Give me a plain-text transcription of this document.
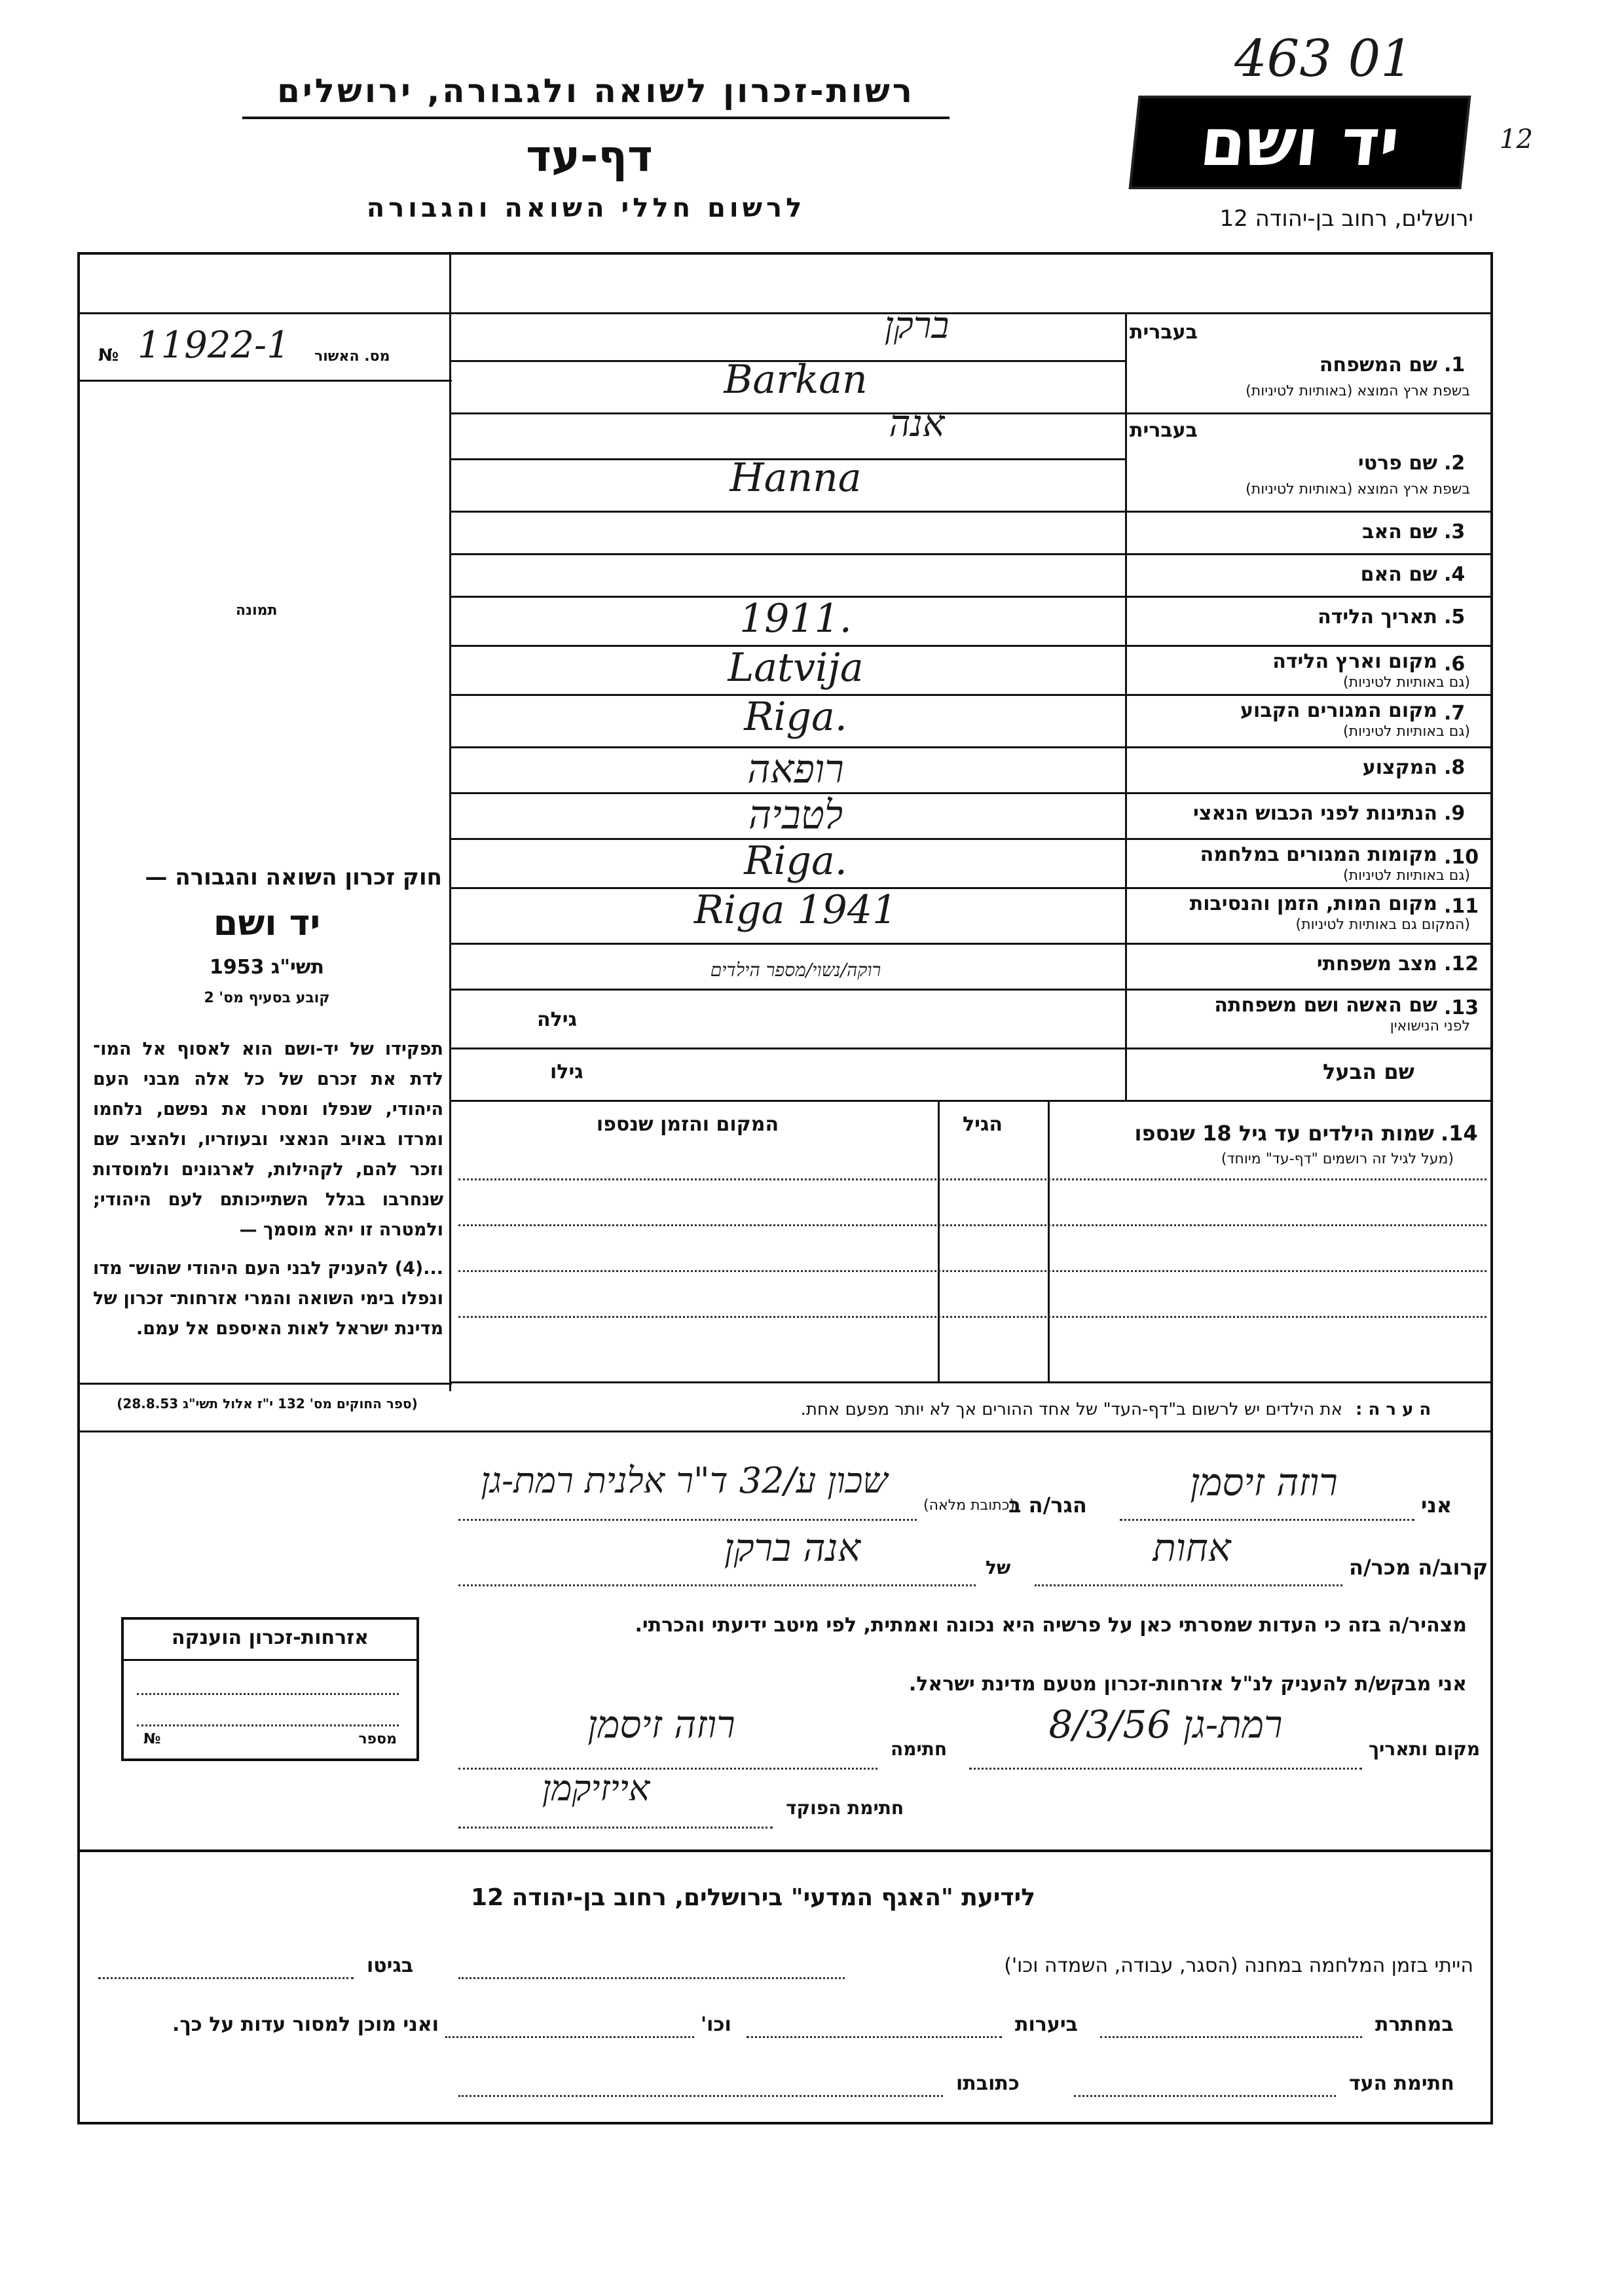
463 01
12
רשות-זכרון לשואה ולגבורה, ירושלים
דף-עד
לרשום חללי השואה והגבורה
יד ושם
ירושלים, רחוב בן-יהודה 12
מס. האשור
№ 11922-1
תמונה
חוק זכרון השואה והגבורה —
יד ושם
תשי"ג 1953
קובע בסעיף מס' 2
תפקידו של יד-ושם הוא לאסוף אל המו־ לדת את זכרם של כל אלה מבני העם היהודי, שנפלו ומסרו את נפשם, נלחמו ומרדו באויב הנאצי ובעוזריו, ולהציב שם וזכר להם, לקהילות, לארגונים ולמוסדות שנחרבו בגלל השתייכותם לעם היהודי; ולמטרה זו יהא מוסמך —
...(4) להעניק לבני העם היהודי שהוש־ מדו ונפלו בימי השואה והמרי אזרחות־ זכרון של מדינת ישראל לאות האיספם אל עמם.
(ספר החוקים מס' 132 י"ז אלול תשי"ג 28.8.53)
1.
שם המשפחה
בעברית
ברקן
בשפת ארץ המוצא (באותיות לטיניות)
Barkan
2.
שם פרטי
בעברית
אנה
בשפת ארץ המוצא (באותיות לטיניות)
Hanna
3.
שם האב
4.
שם האם
5.
תאריך הלידה
1911.
6.
מקום וארץ הלידה
(גם באותיות לטיניות)
Latvija
7.
מקום המגורים הקבוע
(גם באותיות לטיניות)
Riga.
8.
המקצוע
רופאה
9.
הנתינות לפני הכבוש הנאצי
לטביה
10.
מקומות המגורים במלחמה
(גם באותיות לטיניות)
Riga.
11.
מקום המות, הזמן והנסיבות
(המקום גם באותיות לטיניות)
Riga 1941
12.
מצב משפחתי
רוקה/נשוי/מספר הילדים
13.
שם האשה ושם משפחתה
לפני הנישואין
גילה
שם הבעל
גילו
14.
שמות הילדים עד גיל 18 שנספו
(מעל לגיל זה רושמים "דף-עד" מיוחד)
הגיל
המקום והזמן שנספו
ה ע ר ה :
את הילדים יש לרשום ב"דף-העד" של אחד ההורים אך לא יותר מפעם אחת.
אני
רוזה זיסמן
הגר/ה ב
(כתובת מלאה)
שכון ע/32 ד"ר אלנית רמת-גן
קרוב/ה מכר/ה
אחות
של
אנה ברקן
מצהיר/ה בזה כי העדות שמסרתי כאן על פרשיה היא נכונה ואמתית, לפי מיטב ידיעתי והכרתי.
אני מבקש/ת להעניק לנ"ל אזרחות-זכרון מטעם מדינת ישראל.
מקום ותאריך
רמת-גן 8/3/56
חתימה
רוזה זיסמן
חתימת הפוקד
אייזיקמן
אזרחות-זכרון הוענקה
מספר
№
לידיעת "האגף המדעי" בירושלים, רחוב בן-יהודה 12
הייתי בזמן המלחמה במחנה (הסגר, עבודה, השמדה וכו')
בגיטו
במחתרת
ביערות
וכו'
ואני מוכן למסור עדות על כך.
חתימת העד
כתובתו
